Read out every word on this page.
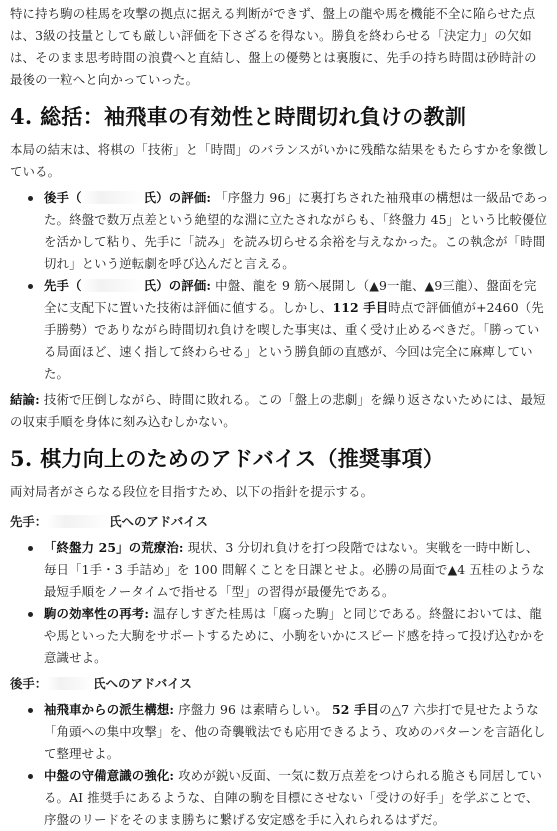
特に持ち駒の桂馬を攻撃の拠点に据える判断ができず、盤上の龍や馬を機能不全に陥らせた点は、3級の技量としても厳しい評価を下さざるを得ない。勝負を終わらせる「決定力」の欠如は、そのまま思考時間の浪費へと直結し、盤上の優勢とは裏腹に、先手の持ち時間は砂時計の最後の一粒へと向かっていった。

4. 総括：袖飛車の有効性と時間切れ負けの教訓

本局の結末は、将棋の「技術」と「時間」のバランスがいかに残酷な結果をもたらすかを象徴している。

後手（	氏）の評価: 「序盤力 96」に裏打ちされた袖飛車の構想は一級品であった。終盤で数万点差という絶望的な淵に立たされながらも、「終盤力 45」という比較優位を活かして粘り、先手に「読み」を読み切らせる余裕を与えなかった。この執念が「時間切れ」という逆転劇を呼び込んだと言える。
先手（	氏）の評価: 中盤、龍を 9 筋へ展開し（▲9一龍、▲9三龍）、盤面を完全に支配下に置いた技術は評価に値する。しかし、112 手目時点で評価値が+2460（先手勝勢）でありながら時間切れ負けを喫した事実は、重く受け止めるべきだ。「勝っている局面ほど、速く指して終わらせる」という勝負師の直感が、今回は完全に麻痺していた。

結論: 技術で圧倒しながら、時間に敗れる。この「盤上の悲劇」を繰り返さないためには、最短の収束手順を身体に刻み込むしかない。

5. 棋力向上のためのアドバイス（推奨事項）

両対局者がさらなる段位を目指すため、以下の指針を提示する。

先手：	氏へのアドバイス
「終盤力 25」の荒療治: 現状、3 分切れ負けを打つ段階ではない。実戦を一時中断し、毎日「1手・3 手詰め」を 100 問解くことを日課とせよ。必勝の局面で▲4 五桂のような最短手順をノータイムで指せる「型」の習得が最優先である。
駒の効率性の再考: 温存しすぎた桂馬は「腐った駒」と同じである。終盤においては、龍や馬といった大駒をサポートするために、小駒をいかにスピード感を持って投げ込むかを意識せよ。
後手：	氏へのアドバイス
袖飛車からの派生構想: 序盤力 96 は素晴らしい。 52 手目の△7 六歩打で見せたような「角頭への集中攻撃」を、他の奇襲戦法でも応用できるよう、攻めのパターンを言語化して整理せよ。
中盤の守備意識の強化: 攻めが鋭い反面、一気に数万点差をつけられる脆さも同居している。AI 推奨手にあるような、自陣の駒を目標にさせない「受けの好手」を学ぶことで、序盤のリードをそのまま勝ちに繋げる安定感を手に入れられるはずだ。
